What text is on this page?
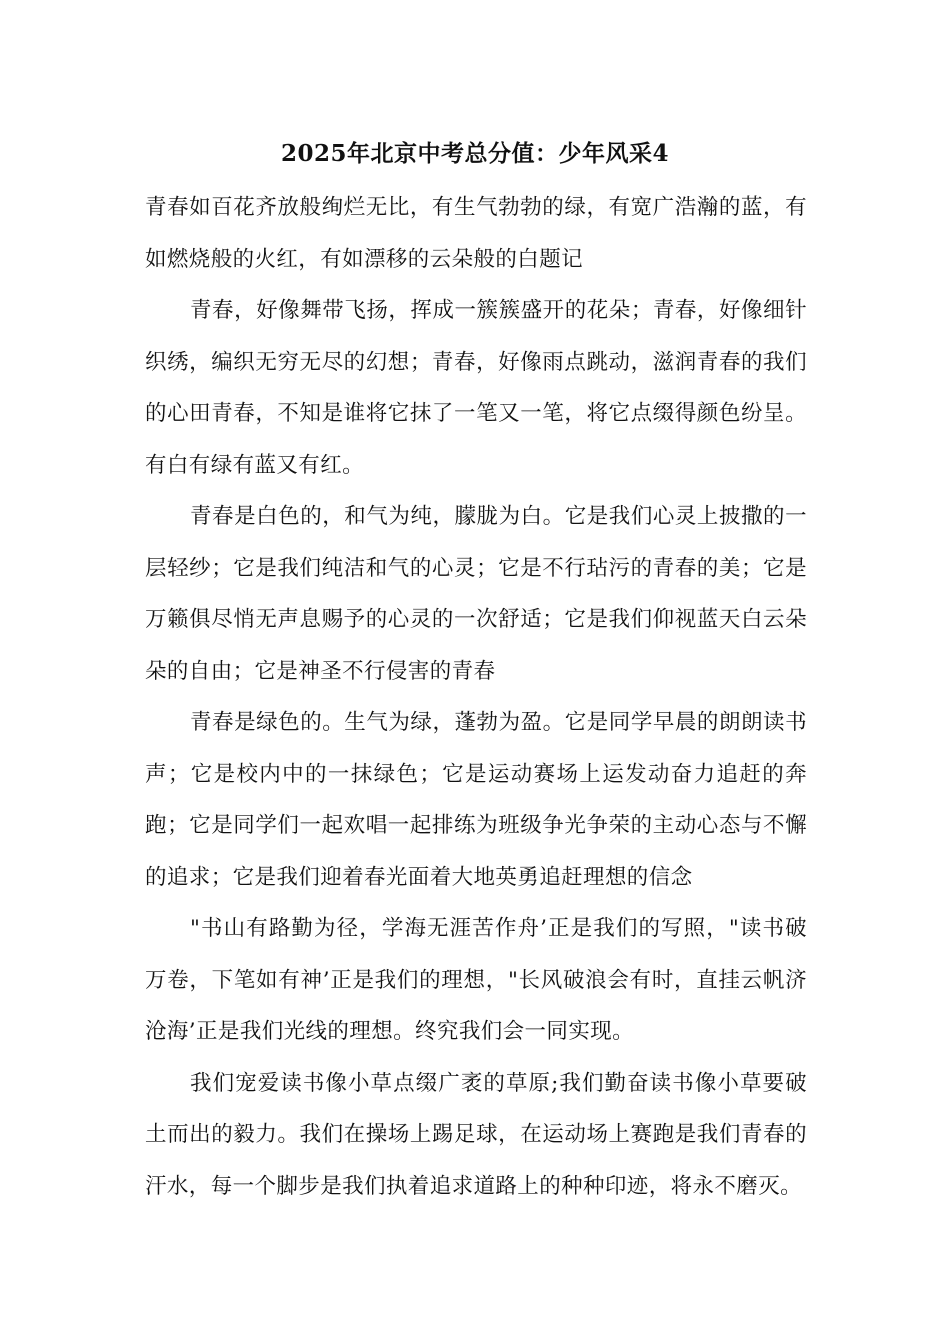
2025年北京中考总分值：少年风采4

青春如百花齐放般绚烂无比，有生气勃勃的绿，有宽广浩瀚的蓝，有如燃烧般的火红，有如漂移的云朵般的白题记

青春，好像舞带飞扬，挥成一簇簇盛开的花朵；青春，好像细针织绣，编织无穷无尽的幻想；青春，好像雨点跳动，滋润青春的我们的心田青春，不知是谁将它抹了一笔又一笔，将它点缀得颜色纷呈。有白有绿有蓝又有红。

青春是白色的，和气为纯，朦胧为白。它是我们心灵上披撒的一层轻纱；它是我们纯洁和气的心灵；它是不行玷污的青春的美；它是万籁俱尽悄无声息赐予的心灵的一次舒适；它是我们仰视蓝天白云朵朵的自由；它是神圣不行侵害的青春

青春是绿色的。生气为绿，蓬勃为盈。它是同学早晨的朗朗读书声；它是校内中的一抹绿色；它是运动赛场上运发动奋力追赶的奔跑；它是同学们一起欢唱一起排练为班级争光争荣的主动心态与不懈的追求；它是我们迎着春光面着大地英勇追赶理想的信念

"书山有路勤为径，学海无涯苦作舟’正是我们的写照，"读书破万卷，下笔如有神’正是我们的理想，"长风破浪会有时，直挂云帆济沧海’正是我们光线的理想。终究我们会一同实现。

我们宠爱读书像小草点缀广袤的草原;我们勤奋读书像小草要破土而出的毅力。我们在操场上踢足球，在运动场上赛跑是我们青春的汗水，每一个脚步是我们执着追求道路上的种种印迹，将永不磨灭。
